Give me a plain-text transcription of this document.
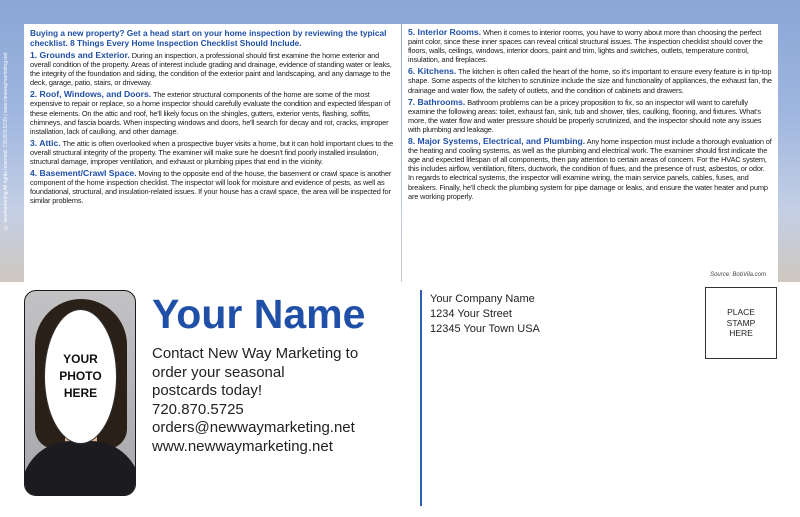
© newmarketing All rights reserved. 720.870.5725 | www.newwaymarketing.net
Buying a new property? Get a head start on your home inspection by reviewing the typical checklist. 8 Things Every Home Inspection Checklist Should Include.

1. Grounds and Exterior. During an inspection, a professional should first examine the home exterior and overall condition of the property. Areas of interest include grading and drainage, evidence of standing water or leaks, the integrity of the foundation and siding, the condition of the exterior paint and landscaping, and any damage to the deck, garage, patio, stairs, or driveway.

2. Roof, Windows, and Doors. The exterior structural components of the home are some of the most expensive to repair or replace, so a home inspector should carefully evaluate the condition and expected lifespan of these elements. On the attic and roof, he'll likely focus on the shingles, gutters, exterior vents, flashing, soffits, chimneys, and fascia boards. When inspecting windows and doors, he'll search for decay and rot, cracks, improper installation, lack of caulking, and other damage.

3. Attic. The attic is often overlooked when a prospective buyer visits a home, but it can hold important clues to the overall structural integrity of the property. The examiner will make sure he doesn't find poorly installed insulation, structural damage, improper ventilation, and exhaust or plumbing pipes that end in the vicinity.

4. Basement/Crawl Space. Moving to the opposite end of the house, the basement or crawl space is another component of the home inspection checklist. The inspector will look for moisture and evidence of pests, as well as foundational, structural, and insulation-related issues. If your house has a crawl space, the area will be inspected for similar problems.

5. Interior Rooms. When it comes to interior rooms, you have to worry about more than choosing the perfect paint color, since these inner spaces can reveal critical structural issues. The inspection checklist should cover the floors, walls, ceilings, windows, interior doors, paint and trim, lights and switches, outlets, temperature control, insulation, and fireplaces.

6. Kitchens. The kitchen is often called the heart of the home, so it's important to ensure every feature is in tip-top shape. Some aspects of the kitchen to scrutinize include the size and functionality of appliances, the exhaust fan, the drainage and water flow, the safety of outlets, and the condition of cabinets and drawers.

7. Bathrooms. Bathroom problems can be a pricey proposition to fix, so an inspector will want to carefully examine the following areas: toilet, exhaust fan, sink, tub and shower, tiles, caulking, flooring, and fixtures. What's more, the water flow and water pressure should be properly scrutinized, and the inspector should note any issues with plumbing and leakage.

8. Major Systems, Electrical, and Plumbing. Any home inspection must include a thorough evaluation of the heating and cooling systems, as well as the plumbing and electrical work. The examiner should first indicate the age and expected lifespan of all components, then pay attention to certain areas of concern. For the HVAC system, this includes airflow, ventilation, filters, ductwork, the condition of flues, and the presence of rust, asbestos, or odor. In regards to electrical systems, the inspector will examine wiring, the main service panels, cables, fuses, and breakers. Finally, he'll check the plumbing system for pipe damage or leaks, and ensure the water heater and pump are working properly.

Source: BobVila.com
YOUR
PHOTO
HERE
Your Name
Contact New Way Marketing to
order your seasonal
postcards today!
720.870.5725
orders@newwaymarketing.net
www.newwaymarketing.net
Your Company Name
1234 Your Street
12345 Your Town USA
PLACE
STAMP
HERE
